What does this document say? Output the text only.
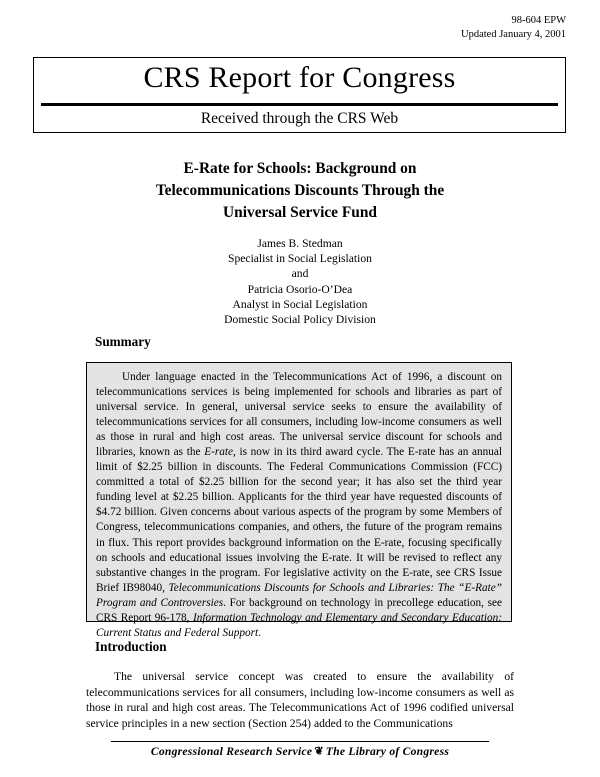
98-604 EPW
Updated January 4, 2001
CRS Report for Congress
Received through the CRS Web
E-Rate for Schools: Background on
Telecommunications Discounts Through the
Universal Service Fund
James B. Stedman
Specialist in Social Legislation
and
Patricia Osorio-O’Dea
Analyst in Social Legislation
Domestic Social Policy Division
Summary
Under language enacted in the Telecommunications Act of 1996, a discount on telecommunications services is being implemented for schools and libraries as part of universal service. In general, universal service seeks to ensure the availability of telecommunications services for all consumers, including low-income consumers as well as those in rural and high cost areas. The universal service discount for schools and libraries, known as the E-rate, is now in its third award cycle. The E-rate has an annual limit of $2.25 billion in discounts. The Federal Communications Commission (FCC) committed a total of $2.25 billion for the second year; it has also set the third year funding level at $2.25 billion. Applicants for the third year have requested discounts of $4.72 billion. Given concerns about various aspects of the program by some Members of Congress, telecommunications companies, and others, the future of the program remains in flux. This report provides background information on the E-rate, focusing specifically on schools and educational issues involving the E-rate. It will be revised to reflect any substantive changes in the program. For legislative activity on the E-rate, see CRS Issue Brief IB98040, Telecommunications Discounts for Schools and Libraries: The “E-Rate” Program and Controversies. For background on technology in precollege education, see CRS Report 96-178, Information Technology and Elementary and Secondary Education: Current Status and Federal Support.
Introduction
The universal service concept was created to ensure the availability of telecommunications services for all consumers, including low-income consumers as well as those in rural and high cost areas. The Telecommunications Act of 1996 codified universal service principles in a new section (Section 254) added to the Communications
Congressional Research Service ❦ The Library of Congress
